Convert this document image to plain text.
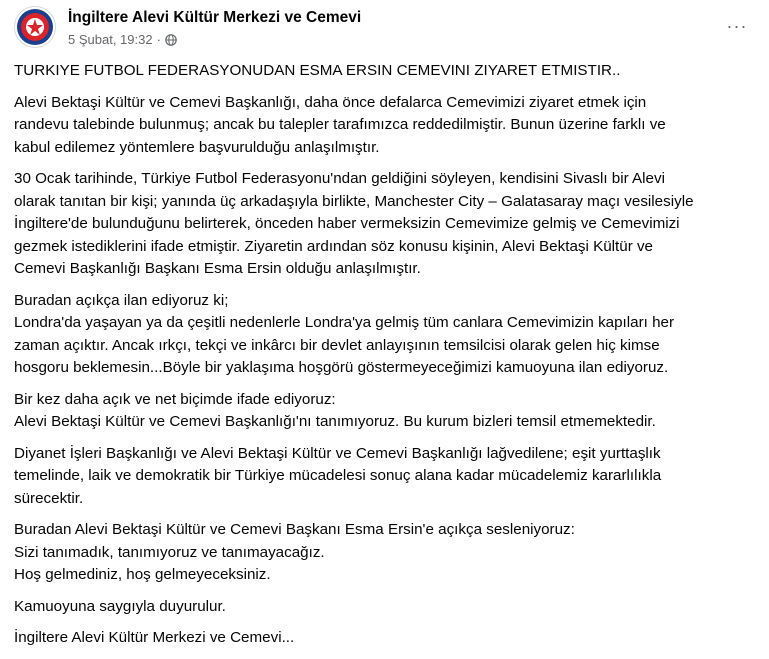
İngiltere Alevi Kültür Merkezi ve Cemevi
5 Şubat, 19:32 ·
···

TURKIYE FUTBOL FEDERASYONUDAN ESMA ERSIN CEMEVINI ZIYARET ETMISTIR..

Alevi Bektaşi Kültür ve Cemevi Başkanlığı, daha önce defalarca Cemevimizi ziyaret etmek için
randevu talebinde bulunmuş; ancak bu talepler tarafımızca reddedilmiştir. Bunun üzerine farklı ve
kabul edilemez yöntemlere başvurulduğu anlaşılmıştır.

30 Ocak tarihinde, Türkiye Futbol Federasyonu'ndan geldiğini söyleyen, kendisini Sivaslı bir Alevi
olarak tanıtan bir kişi; yanında üç arkadaşıyla birlikte, Manchester City – Galatasaray maçı vesilesiyle
İngiltere'de bulunduğunu belirterek, önceden haber vermeksizin Cemevimize gelmiş ve Cemevimizi
gezmek istediklerini ifade etmiştir. Ziyaretin ardından söz konusu kişinin, Alevi Bektaşi Kültür ve
Cemevi Başkanlığı Başkanı Esma Ersin olduğu anlaşılmıştır.

Buradan açıkça ilan ediyoruz ki;
Londra'da yaşayan ya da çeşitli nedenlerle Londra'ya gelmiş tüm canlara Cemevimizin kapıları her
zaman açıktır. Ancak ırkçı, tekçi ve inkârcı bir devlet anlayışının temsilcisi olarak gelen hiç kimse
hosgoru beklemesin...Böyle bir yaklaşıma hoşgörü göstermeyeceğimizi kamuoyuna ilan ediyoruz.

Bir kez daha açık ve net biçimde ifade ediyoruz:
Alevi Bektaşi Kültür ve Cemevi Başkanlığı'nı tanımıyoruz. Bu kurum bizleri temsil etmemektedir.

Diyanet İşleri Başkanlığı ve Alevi Bektaşi Kültür ve Cemevi Başkanlığı lağvedilene; eşit yurttaşlık
temelinde, laik ve demokratik bir Türkiye mücadelesi sonuç alana kadar mücadelemiz kararlılıkla
sürecektir.

Buradan Alevi Bektaşi Kültür ve Cemevi Başkanı Esma Ersin'e açıkça sesleniyoruz:
Sizi tanımadık, tanımıyoruz ve tanımayacağız.
Hoş gelmediniz, hoş gelmeyeceksiniz.

Kamuoyuna saygıyla duyurulur.

İngiltere Alevi Kültür Merkezi ve Cemevi...
